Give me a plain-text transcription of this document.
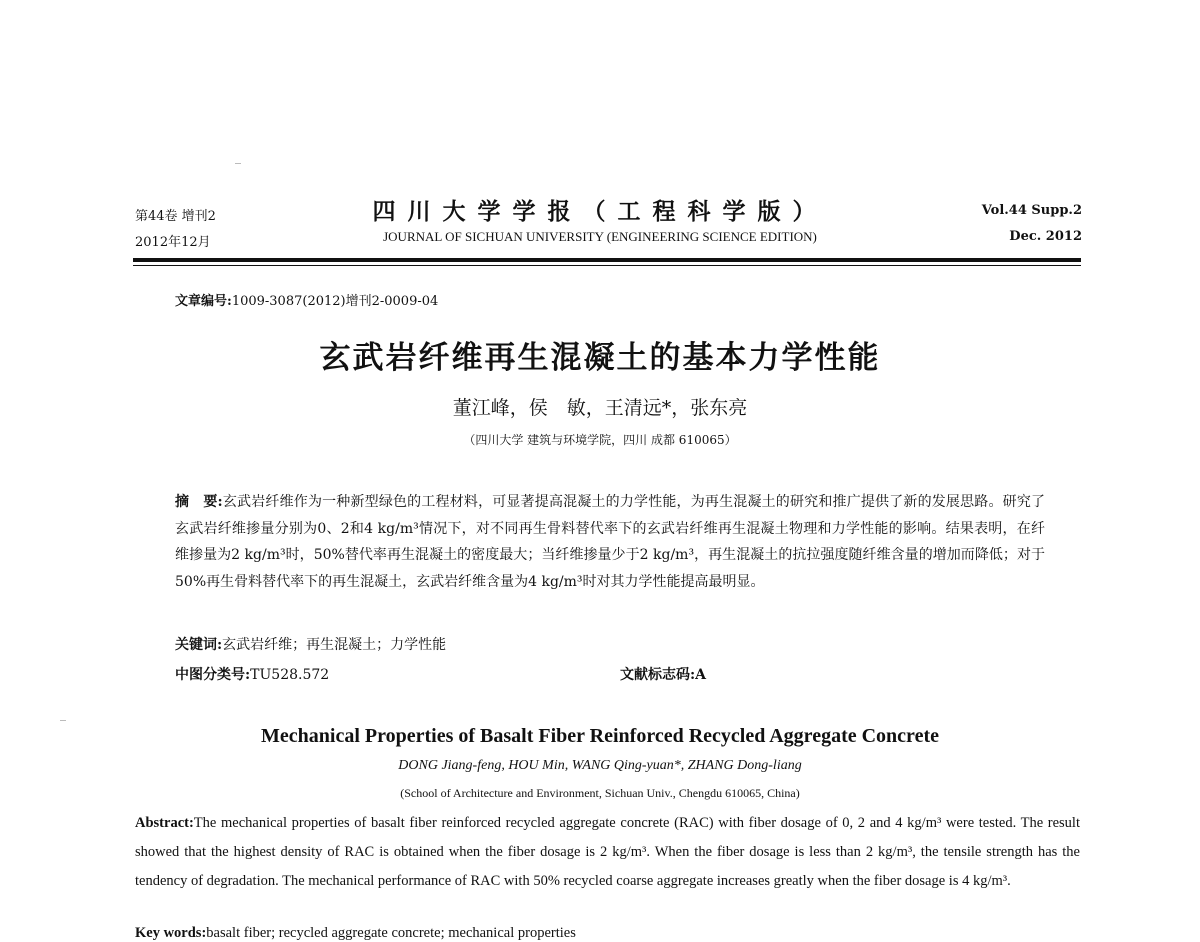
第44卷 增刊2
2012年12月
四川大学学报（工程科学版）
JOURNAL OF SICHUAN UNIVERSITY (ENGINEERING SCIENCE EDITION)
Vol.44 Supp.2
Dec. 2012
文章编号:1009-3087(2012)增刊2-0009-04
玄武岩纤维再生混凝土的基本力学性能
董江峰，侯　敏，王清远*，张东亮
（四川大学 建筑与环境学院，四川 成都 610065）
摘　要:玄武岩纤维作为一种新型绿色的工程材料，可显著提高混凝土的力学性能，为再生混凝土的研究和推广提供了新的发展思路。研究了玄武岩纤维掺量分别为0、2和4 kg/m³情况下，对不同再生骨料替代率下的玄武岩纤维再生混凝土物理和力学性能的影响。结果表明，在纤维掺量为2 kg/m³时，50%替代率再生混凝土的密度最大；当纤维掺量少于2 kg/m³，再生混凝土的抗拉强度随纤维含量的增加而降低；对于50%再生骨料替代率下的再生混凝土，玄武岩纤维含量为4 kg/m³时对其力学性能提高最明显。
关键词:玄武岩纤维；再生混凝土；力学性能
中图分类号:TU528.572	文献标志码:A
Mechanical Properties of Basalt Fiber Reinforced Recycled Aggregate Concrete
DONG Jiang-feng, HOU Min, WANG Qing-yuan*, ZHANG Dong-liang
(School of Architecture and Environment, Sichuan Univ., Chengdu 610065, China)
Abstract:The mechanical properties of basalt fiber reinforced recycled aggregate concrete (RAC) with fiber dosage of 0, 2 and 4 kg/m³ were tested. The result showed that the highest density of RAC is obtained when the fiber dosage is 2 kg/m³. When the fiber dosage is less than 2 kg/m³, the tensile strength has the tendency of degradation. The mechanical performance of RAC with 50% recycled coarse aggregate increases greatly when the fiber dosage is 4 kg/m³.
Key words:basalt fiber; recycled aggregate concrete; mechanical properties
